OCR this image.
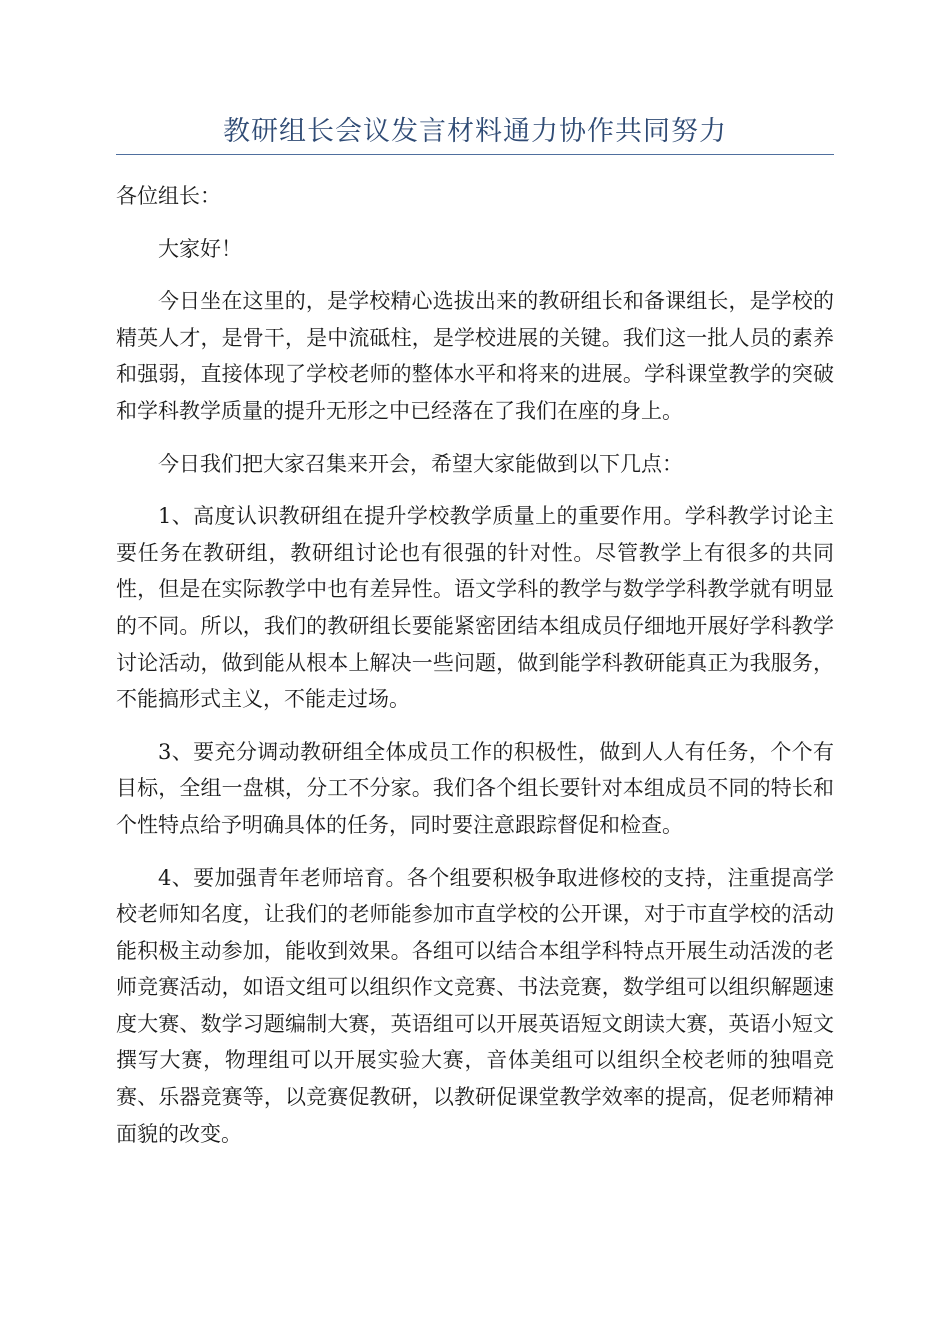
教研组长会议发言材料通力协作共同努力

各位组长：

大家好！

今日坐在这里的，是学校精心选拔出来的教研组长和备课组长，是学校的精英人才，是骨干，是中流砥柱，是学校进展的关键。我们这一批人员的素养和强弱，直接体现了学校老师的整体水平和将来的进展。学科课堂教学的突破和学科教学质量的提升无形之中已经落在了我们在座的身上。

今日我们把大家召集来开会，希望大家能做到以下几点：

1、高度认识教研组在提升学校教学质量上的重要作用。学科教学讨论主要任务在教研组，教研组讨论也有很强的针对性。尽管教学上有很多的共同性，但是在实际教学中也有差异性。语文学科的教学与数学学科教学就有明显的不同。所以，我们的教研组长要能紧密团结本组成员仔细地开展好学科教学讨论活动，做到能从根本上解决一些问题，做到能学科教研能真正为我服务，不能搞形式主义，不能走过场。

3、要充分调动教研组全体成员工作的积极性，做到人人有任务，个个有目标，全组一盘棋，分工不分家。我们各个组长要针对本组成员不同的特长和个性特点给予明确具体的任务，同时要注意跟踪督促和检查。

4、要加强青年老师培育。各个组要积极争取进修校的支持，注重提高学校老师知名度，让我们的老师能参加市直学校的公开课，对于市直学校的活动能积极主动参加，能收到效果。各组可以结合本组学科特点开展生动活泼的老师竞赛活动，如语文组可以组织作文竞赛、书法竞赛，数学组可以组织解题速度大赛、数学习题编制大赛，英语组可以开展英语短文朗读大赛，英语小短文撰写大赛，物理组可以开展实验大赛，音体美组可以组织全校老师的独唱竞赛、乐器竞赛等，以竞赛促教研，以教研促课堂教学效率的提高，促老师精神面貌的改变。
